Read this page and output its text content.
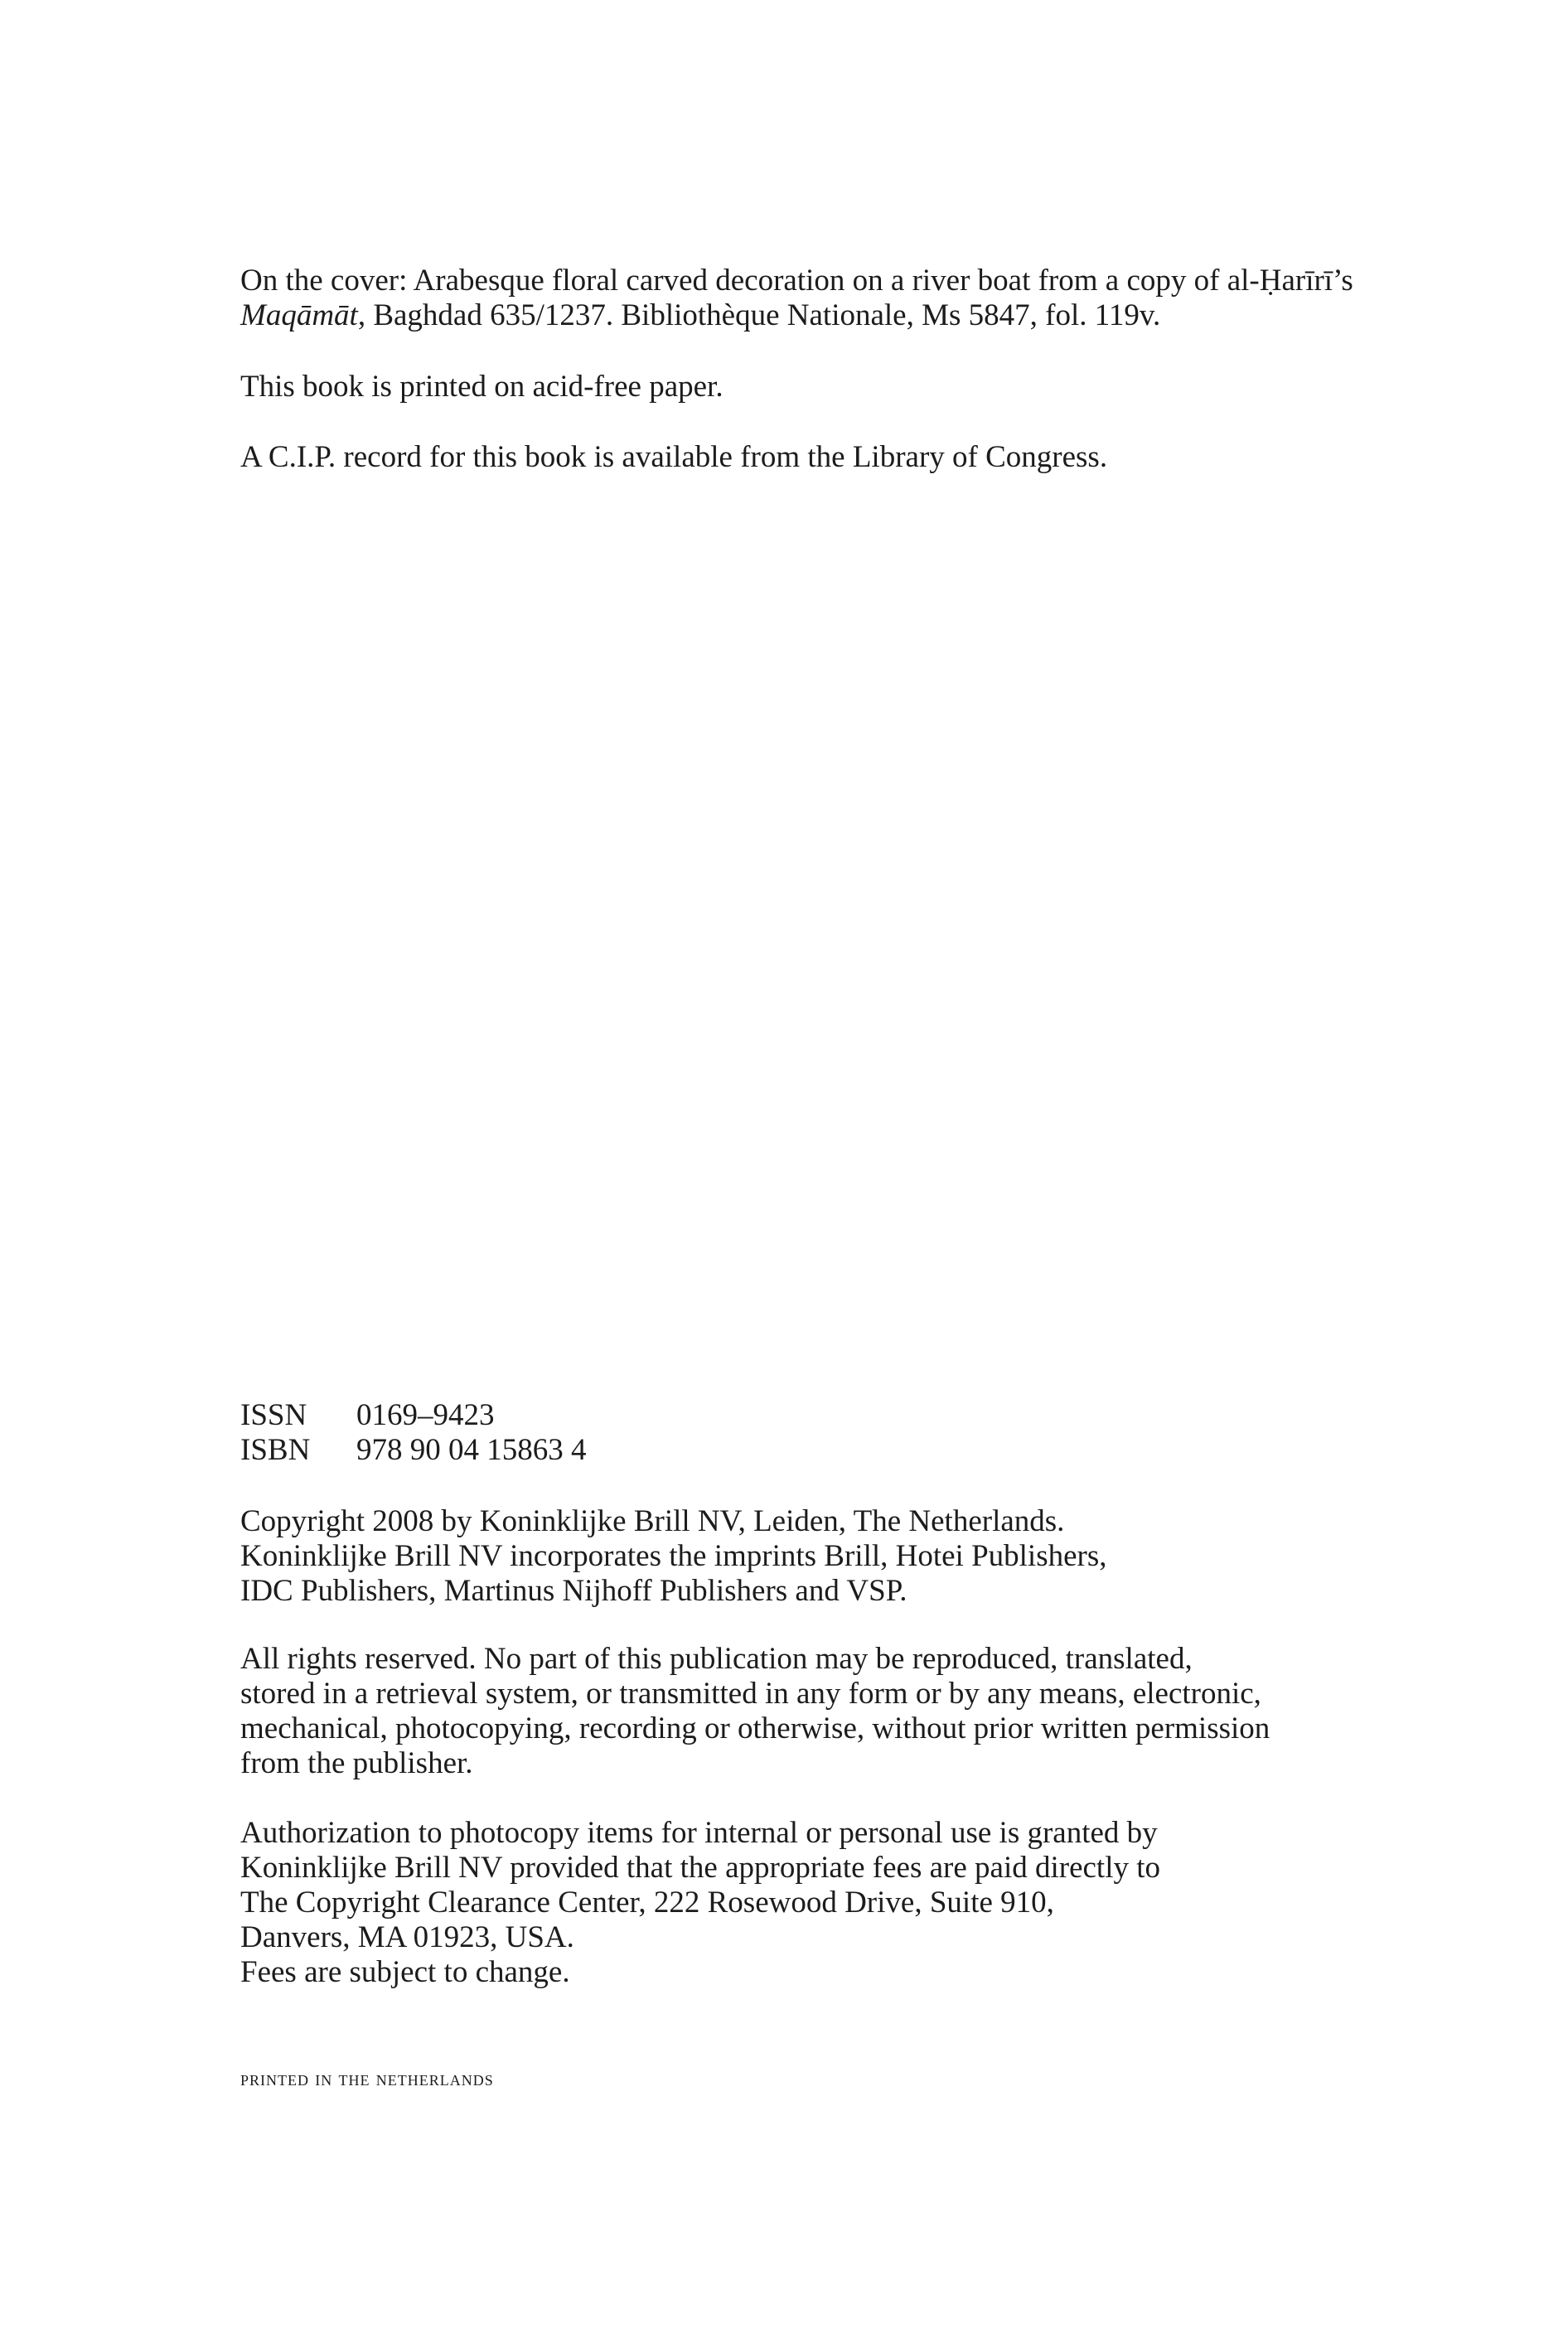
On the cover: Arabesque floral carved decoration on a river boat from a copy of al-Ḥarīrī’s
Maqāmāt, Baghdad 635/1237. Bibliothèque Nationale, Ms 5847, fol. 119v.
This book is printed on acid-free paper.
A C.I.P. record for this book is available from the Library of Congress.
ISSN	0169–9423
ISBN	978 90 04 15863 4
Copyright 2008 by Koninklijke Brill NV, Leiden, The Netherlands.
Koninklijke Brill NV incorporates the imprints Brill, Hotei Publishers,
IDC Publishers, Martinus Nijhoff Publishers and VSP.
All rights reserved. No part of this publication may be reproduced, translated,
stored in a retrieval system, or transmitted in any form or by any means, electronic,
mechanical, photocopying, recording or otherwise, without prior written permission
from the publisher.
Authorization to photocopy items for internal or personal use is granted by
Koninklijke Brill NV provided that the appropriate fees are paid directly to
The Copyright Clearance Center, 222 Rosewood Drive, Suite 910,
Danvers, MA 01923, USA.
Fees are subject to change.
printed in the netherlands
